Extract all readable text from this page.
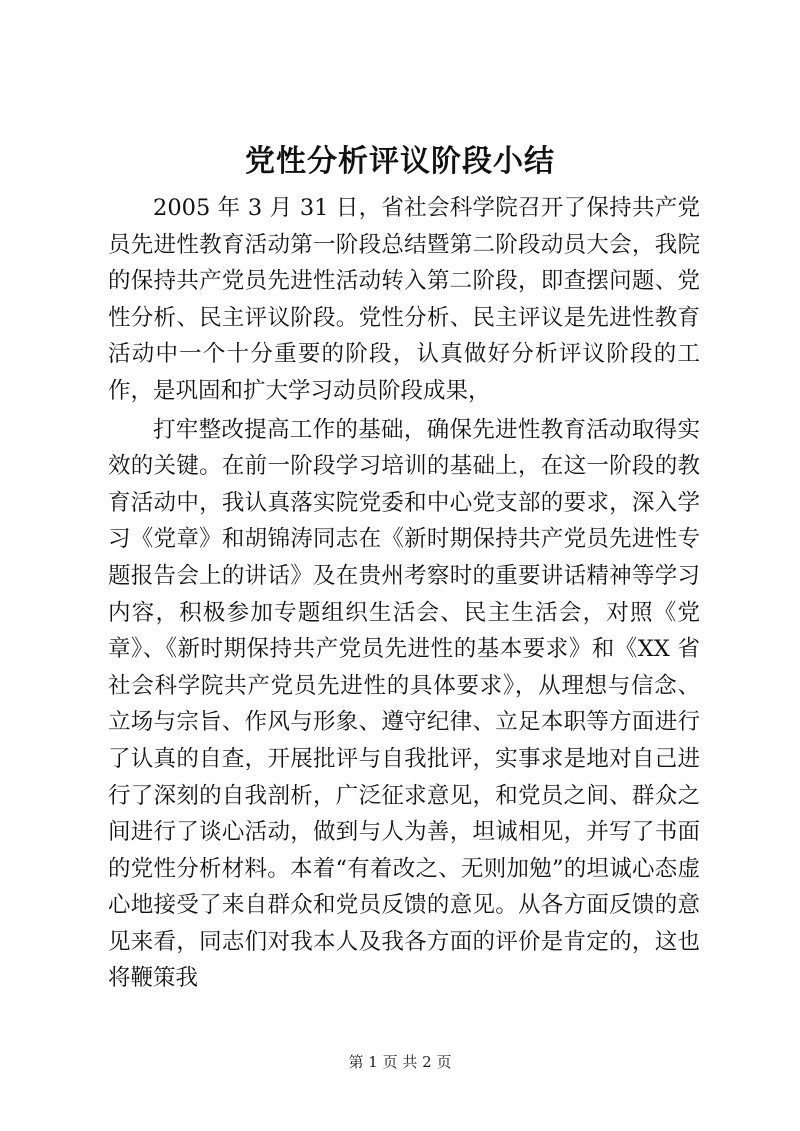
党性分析评议阶段小结

2005 年 3 月 31 日，省社会科学院召开了保持共产党员先进性教育活动第一阶段总结暨第二阶段动员大会，我院的保持共产党员先进性活动转入第二阶段，即查摆问题、党性分析、民主评议阶段。党性分析、民主评议是先进性教育活动中一个十分重要的阶段，认真做好分析评议阶段的工作，是巩固和扩大学习动员阶段成果，

打牢整改提高工作的基础，确保先进性教育活动取得实效的关键。在前一阶段学习培训的基础上，在这一阶段的教育活动中，我认真落实院党委和中心党支部的要求，深入学习《党章》和胡锦涛同志在《新时期保持共产党员先进性专题报告会上的讲话》及在贵州考察时的重要讲话精神等学习内容，积极参加专题组织生活会、民主生活会，对照《党章》、《新时期保持共产党员先进性的基本要求》和《XX 省社会科学院共产党员先进性的具体要求》，从理想与信念、立场与宗旨、作风与形象、遵守纪律、立足本职等方面进行了认真的自查，开展批评与自我批评，实事求是地对自己进行了深刻的自我剖析，广泛征求意见，和党员之间、群众之间进行了谈心活动，做到与人为善，坦诚相见，并写了书面的党性分析材料。本着“有着改之、无则加勉”的坦诚心态虚心地接受了来自群众和党员反馈的意见。从各方面反馈的意见来看，同志们对我本人及我各方面的评价是肯定的，这也将鞭策我

第 1 页 共 2 页
